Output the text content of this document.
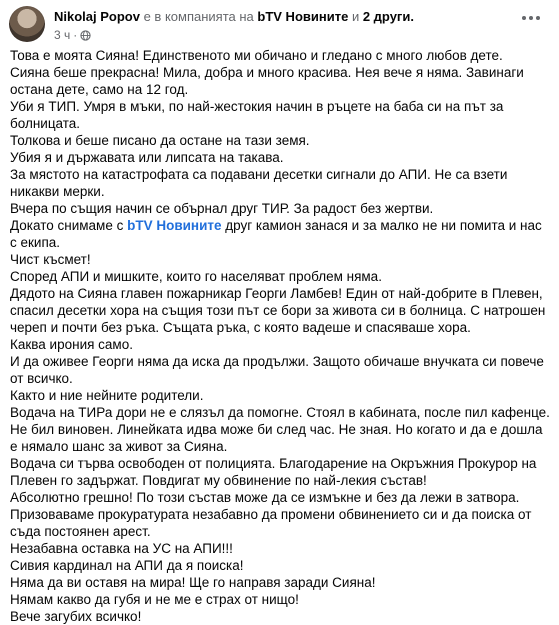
Nikolaj Popov е в компанията на bTV Новините и 2 други.
3 ч ·

Това е моята Сияна! Единственото ми обичано и гледано с много любов дете.

Сияна беше прекрасна! Мила, добра и много красива. Нея вече я няма. Завинаги остана дете, само на 12 год.

Уби я ТИП. Умря в мъки, по най-жестокия начин в ръцете на баба си на път за болницата.

Толкова и беше писано да остане на тази земя.

Убия я и държавата или липсата на такава.

За мястото на катастрофата са подавани десетки сигнали до АПИ. Не са взети никакви мерки.

Вчера по същия начин се обърнал друг ТИР. За радост без жертви.

Докато снимаме с bTV Новините друг камион занася и за малко не ни помита и нас с екипа.

Чист късмет!

Според АПИ и мишките, които го населяват проблем няма.

Дядото на Сияна главен пожарникар Георги Ламбев! Един от най-добрите в Плевен, спасил десетки хора на същия този път се бори за живота си в болница. С натрошен череп и почти без ръка. Същата ръка, с която вадеше и спасяваше хора.

Каква ирония само.

И да оживее Георги няма да иска да продължи. Защото обичаше внучката си повече от всичко.

Както и ние нейните родители.

Водача на ТИРа дори не е слязъл да помогне. Стоял в кабината, после пил кафенце. Не бил виновен. Линейката идва може би след час. Не зная. Но когато и да е дошла е нямало шанс за живот за Сияна.

Водача си търва освободен от полицията. Благодарение на Окръжния Прокурор на Плевен го задържат. Повдигат му обвинение по най-лекия състав!

Абсолютно грешно! По този състав може да се измъкне и без да лежи в затвора.

Призоваваме прокуратурата незабавно да промени обвинението си и да поиска от съда постоянен арест.

Незабавна оставка на УС на АПИ!!!

Сивия кардинал на АПИ да я поиска!

Няма да ви оставя на мира! Ще го направя заради Сияна!

Нямам какво да губя и не ме е страх от нищо!

Вече загубих всичко!
